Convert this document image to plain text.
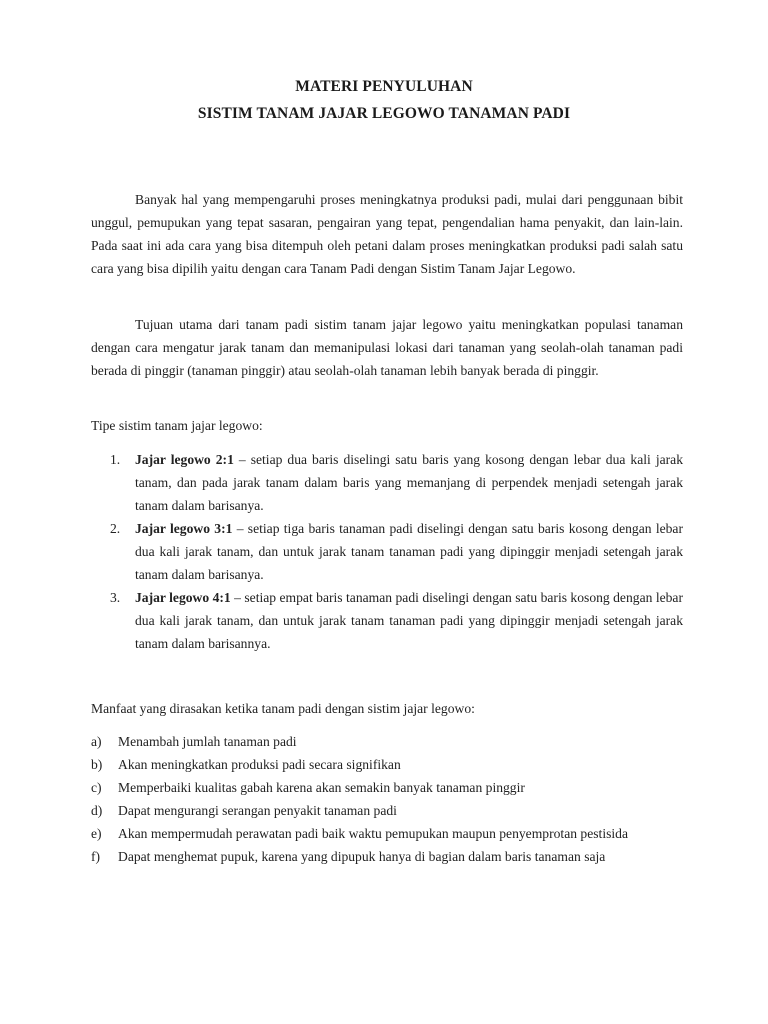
MATERI PENYULUHAN
SISTIM TANAM JAJAR LEGOWO TANAMAN PADI

Banyak hal yang mempengaruhi proses meningkatnya produksi padi, mulai dari penggunaan bibit unggul, pemupukan yang tepat sasaran, pengairan yang tepat, pengendalian hama penyakit, dan lain-lain. Pada saat ini ada cara yang bisa ditempuh oleh petani dalam proses meningkatkan produksi padi salah satu cara yang bisa dipilih yaitu dengan cara Tanam Padi dengan Sistim Tanam Jajar Legowo.

Tujuan utama dari tanam padi sistim tanam jajar legowo yaitu meningkatkan populasi tanaman dengan cara mengatur jarak tanam dan memanipulasi lokasi dari tanaman yang seolah-olah tanaman padi berada di pinggir (tanaman pinggir) atau seolah-olah tanaman lebih banyak berada di pinggir.

Tipe sistim tanam jajar legowo:

1. Jajar legowo 2:1 – setiap dua baris diselingi satu baris yang kosong dengan lebar dua kali jarak tanam, dan pada jarak tanam dalam baris yang memanjang di perpendek menjadi setengah jarak tanam dalam barisanya.
2. Jajar legowo 3:1 – setiap tiga baris tanaman padi diselingi dengan satu baris kosong dengan lebar dua kali jarak tanam, dan untuk jarak tanam tanaman padi yang dipinggir menjadi setengah jarak tanam dalam barisanya.
3. Jajar legowo 4:1 – setiap empat baris tanaman padi diselingi dengan satu baris kosong dengan lebar dua kali jarak tanam, dan untuk jarak tanam tanaman padi yang dipinggir menjadi setengah jarak tanam dalam barisannya.

Manfaat yang dirasakan ketika tanam padi dengan sistim jajar legowo:

a) Menambah jumlah tanaman padi
b) Akan meningkatkan produksi padi secara signifikan
c) Memperbaiki kualitas gabah karena akan semakin banyak tanaman pinggir
d) Dapat mengurangi serangan penyakit tanaman padi
e) Akan mempermudah perawatan padi baik waktu pemupukan maupun penyemprotan pestisida
f) Dapat menghemat pupuk, karena yang dipupuk hanya di bagian dalam baris tanaman saja
